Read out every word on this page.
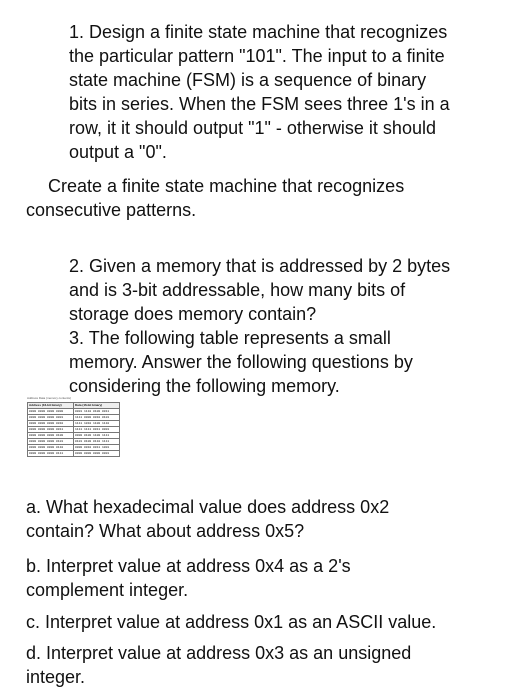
1. Design a finite state machine that recognizes
the particular pattern "101". The input to a finite
state machine (FSM) is a sequence of binary
bits in series. When the FSM sees three 1's in a
row, it it should output "1" - otherwise it should
output a "0".
Create a finite state machine that recognizes
consecutive patterns.
2. Given a memory that is addressed by 2 bytes
and is 3-bit addressable, how many bits of
storage does memory contain?
3. The following table represents a small
memory. Answer the following questions by
considering the following memory.
Address Data (memory contents)
Address (16-bit binary)	Data (16-bit binary)
0000 0000 0000 0000	0001 1110 0100 0011
0000 0000 0000 0001	1111 0000 0010 0101
0000 0000 0000 0010	1111 1010 1100 1110
0000 0000 0000 0011	1111 1111 0011 0001
0000 0000 0000 0100	0000 0100 1100 1111
0000 0000 0000 0101	0101 0100 0110 1111
0000 0000 0000 0110	0000 0010 0011 1001
0000 0000 0000 0111	0000 0000 0000 0001
a. What hexadecimal value does address 0x2
contain? What about address 0x5?
b. Interpret value at address 0x4 as a 2's
complement integer.
c. Interpret value at address 0x1 as an ASCII value.
d. Interpret value at address 0x3 as an unsigned
integer.
